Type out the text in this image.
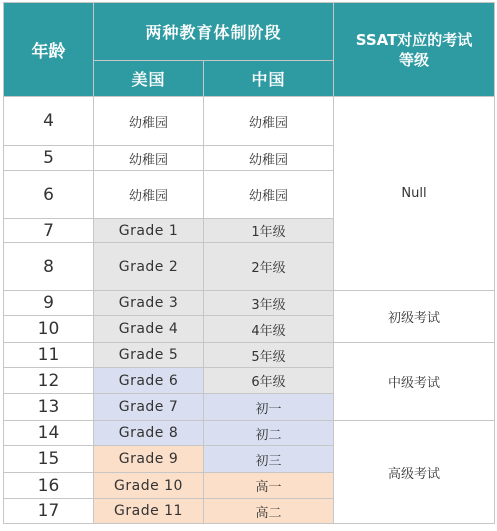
年龄	两种教育体制阶段		SSAT对应的考试
等级

	美国	中国	
4	幼稚园	幼稚园	Null
5	幼稚园	幼稚园	
6	幼稚园	幼稚园	
7	Grade 1	1年级	
8	Grade 2	2年级	
9	Grade 3	3年级	初级考试
10	Grade 4	4年级	
11	Grade 5	5年级	中级考试
12	Grade 6	6年级	
13	Grade 7	初一	
14	Grade 8	初二	高级考试
15	Grade 9	初三	
16	Grade 10	高一	
17	Grade 11	高二	
